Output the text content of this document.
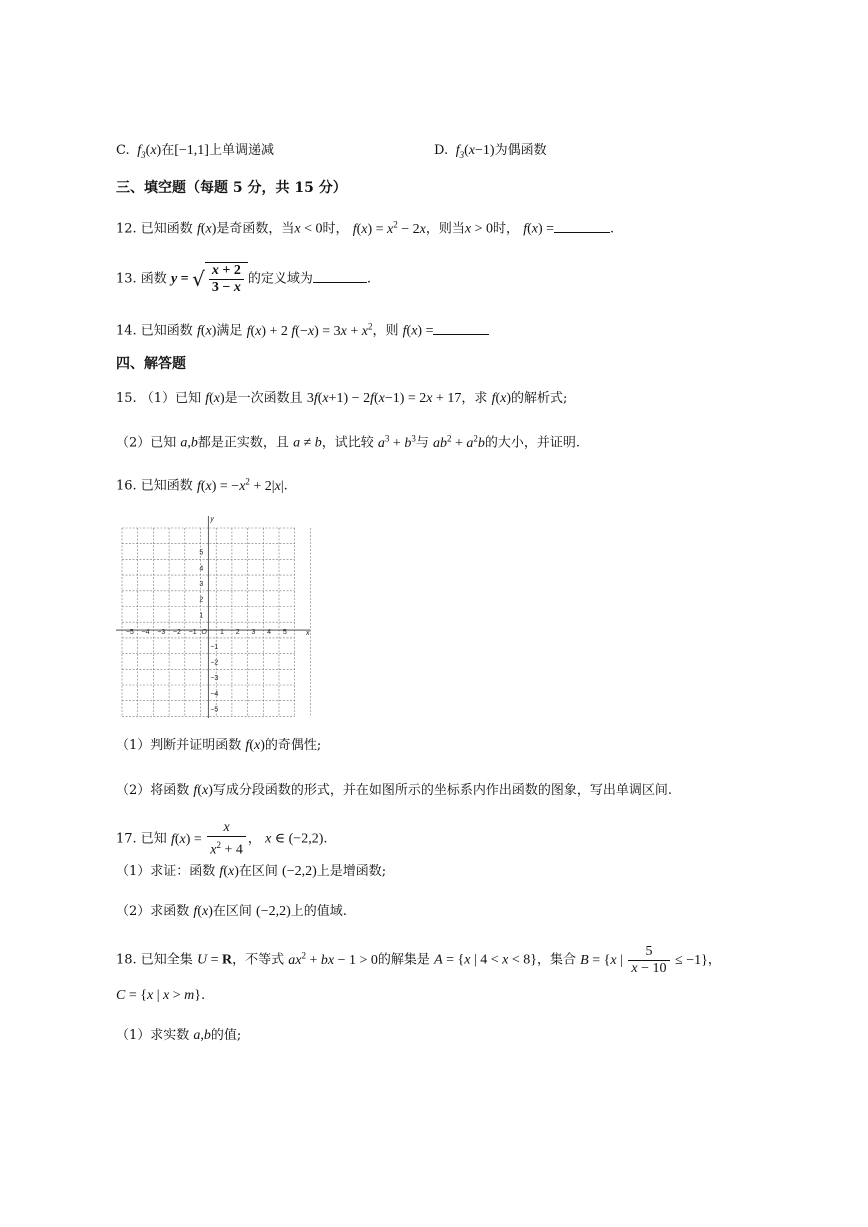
C.  $f_3(x)$在[−1,1]上单调递减	D.  $f_3(x-1)$为偶函数
三、填空题（每题 5 分，共 15 分）
12. 已知函数 f(x)是奇函数，当x < 0时， $f(x) = x^2 - 2x$，则当x > 0时， f(x) =	.
13. 函数 y = √ $\frac{x + 2}{3 - x}$ 的定义域为	.
14. 已知函数 f(x)满足 f(x) + 2 $f(-x) = 3x + x^2$，则 f(x) =
四、解答题
15. （1）已知 f(x)是一次函数且 3f(x+1) − 2f(x−1) = 2x + 17，求 f(x)的解析式;
（2）已知 a,b都是正实数，且 a ≠ b，试比较 $a^3 + b^3$与 $ab^2 + a^2b$的大小，并证明.
16. 已知函数 $f(x) = -x^2 + 2|x|$.
−5 −4 −3 −2 −1	1 2 3 4 5
5
4
3
2
1
−1
−2
−3
−4
−5
O	x
y
（1）判断并证明函数 f(x)的奇偶性;
（2）将函数 f(x)写成分段函数的形式，并在如图所示的坐标系内作出函数的图象，写出单调区间.
17. 已知 $f(x) = \frac{x}{x^2 + 4}$ ， x ∈ (−2,2).
（1）求证：函数 f(x)在区间 (−2,2)上是增函数;
（2）求函数 f(x)在区间 (−2,2)上的值域.
18. 已知全集 U = R，不等式 $ax^2$ + bx − 1 > 0的解集是 A = {x | 4 < x < 8}，集合 B = {x | $\frac{5}{x - 10} \le -1$}，
C = {x | x > m}.
（1）求实数 a,b的值;
